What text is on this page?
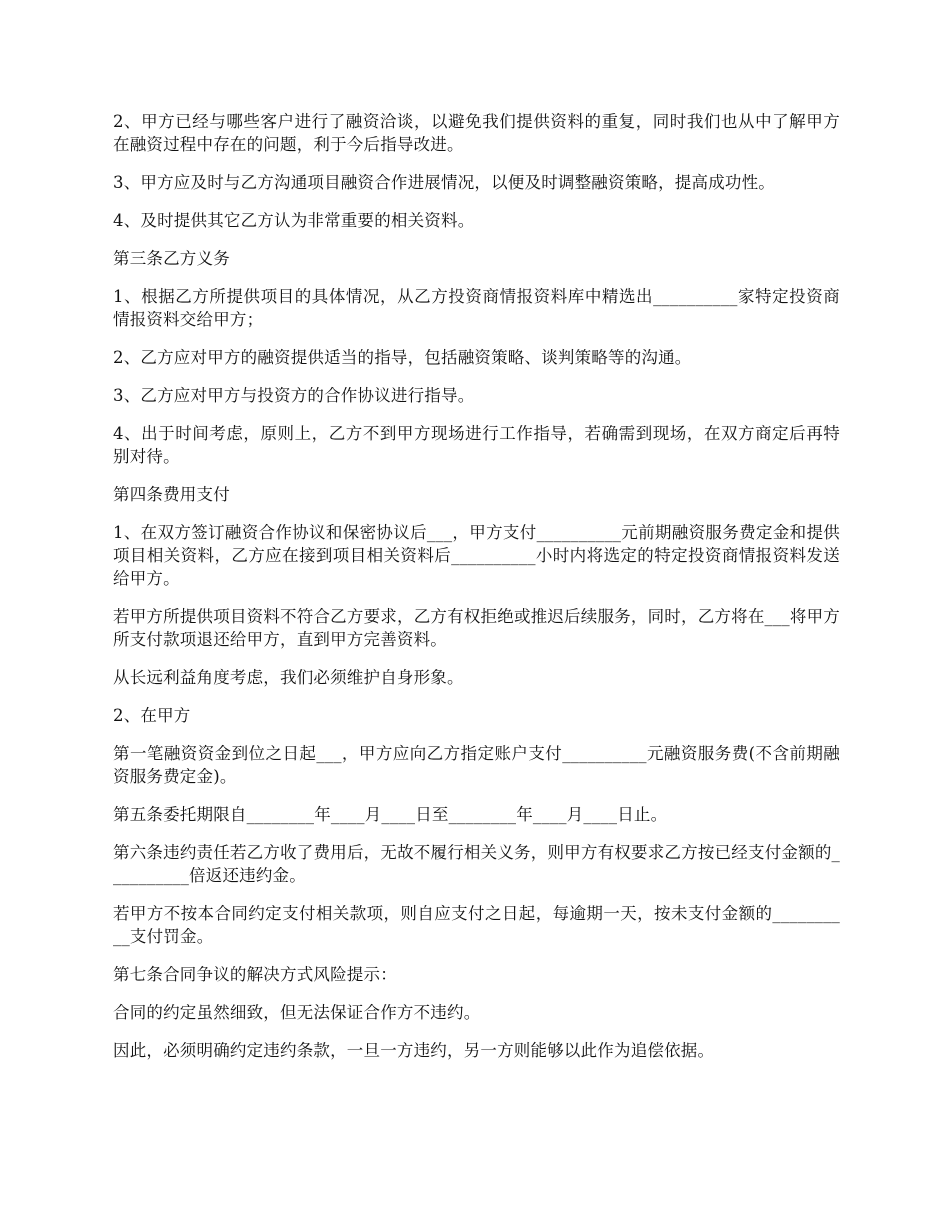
2、甲方已经与哪些客户进行了融资洽谈，以避免我们提供资料的重复，同时我们也从中了解甲方在融资过程中存在的问题，利于今后指导改进。

3、甲方应及时与乙方沟通项目融资合作进展情况，以便及时调整融资策略，提高成功性。

4、及时提供其它乙方认为非常重要的相关资料。

第三条乙方义务

1、根据乙方所提供项目的具体情况，从乙方投资商情报资料库中精选出__________家特定投资商情报资料交给甲方；

2、乙方应对甲方的融资提供适当的指导，包括融资策略、谈判策略等的沟通。

3、乙方应对甲方与投资方的合作协议进行指导。

4、出于时间考虑，原则上，乙方不到甲方现场进行工作指导，若确需到现场，在双方商定后再特别对待。

第四条费用支付

1、在双方签订融资合作协议和保密协议后___，甲方支付__________元前期融资服务费定金和提供项目相关资料，乙方应在接到项目相关资料后__________小时内将选定的特定投资商情报资料发送给甲方。

若甲方所提供项目资料不符合乙方要求，乙方有权拒绝或推迟后续服务，同时，乙方将在___将甲方所支付款项退还给甲方，直到甲方完善资料。

从长远利益角度考虑，我们必须维护自身形象。

2、在甲方

第一笔融资资金到位之日起___，甲方应向乙方指定账户支付__________元融资服务费(不含前期融资服务费定金)。

第五条委托期限自________年____月____日至________年____月____日止。

第六条违约责任若乙方收了费用后，无故不履行相关义务，则甲方有权要求乙方按已经支付金额的__________倍返还违约金。

若甲方不按本合同约定支付相关款项，则自应支付之日起，每逾期一天，按未支付金额的__________支付罚金。

第七条合同争议的解决方式风险提示：

合同的约定虽然细致，但无法保证合作方不违约。

因此，必须明确约定违约条款，一旦一方违约，另一方则能够以此作为追偿依据。
